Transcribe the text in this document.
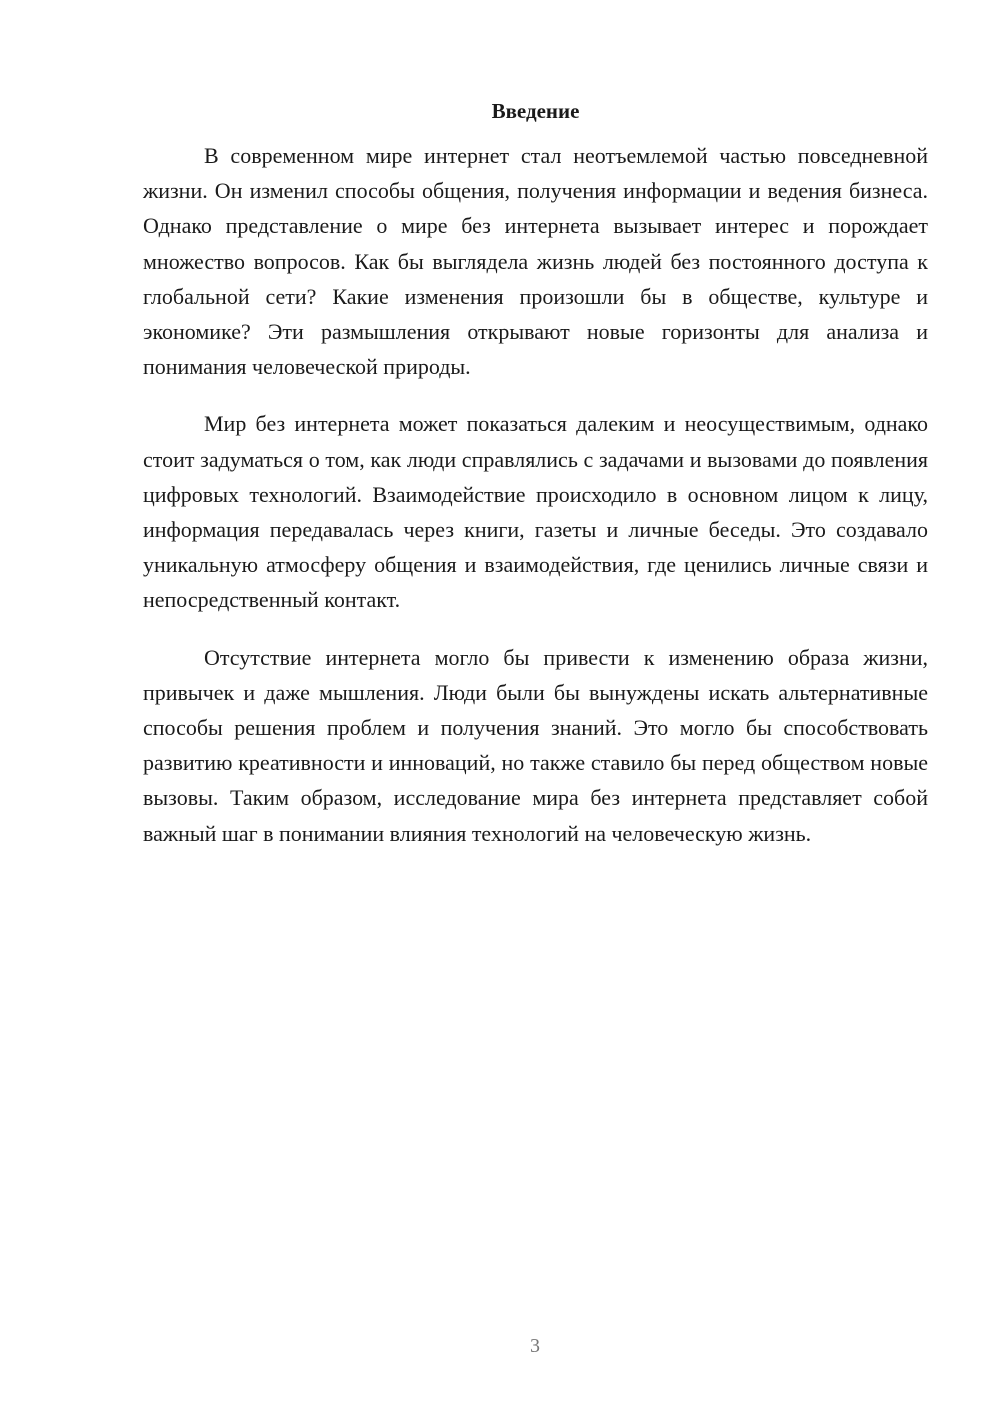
Введение

В современном мире интернет стал неотъемлемой частью повседневной жизни. Он изменил способы общения, получения информации и ведения бизнеса. Однако представление о мире без интернета вызывает интерес и порождает множество вопросов. Как бы выглядела жизнь людей без постоянного доступа к глобальной сети? Какие изменения произошли бы в обществе, культуре и экономике? Эти размышления открывают новые горизонты для анализа и понимания человеческой природы.

Мир без интернета может показаться далеким и неосуществимым, однако стоит задуматься о том, как люди справлялись с задачами и вызовами до появления цифровых технологий. Взаимодействие происходило в основном лицом к лицу, информация передавалась через книги, газеты и личные беседы. Это создавало уникальную атмосферу общения и взаимодействия, где ценились личные связи и непосредственный контакт.

Отсутствие интернета могло бы привести к изменению образа жизни, привычек и даже мышления. Люди были бы вынуждены искать альтернативные способы решения проблем и получения знаний. Это могло бы способствовать развитию креативности и инноваций, но также ставило бы перед обществом новые вызовы. Таким образом, исследование мира без интернета представляет собой важный шаг в понимании влияния технологий на человеческую жизнь.

3
